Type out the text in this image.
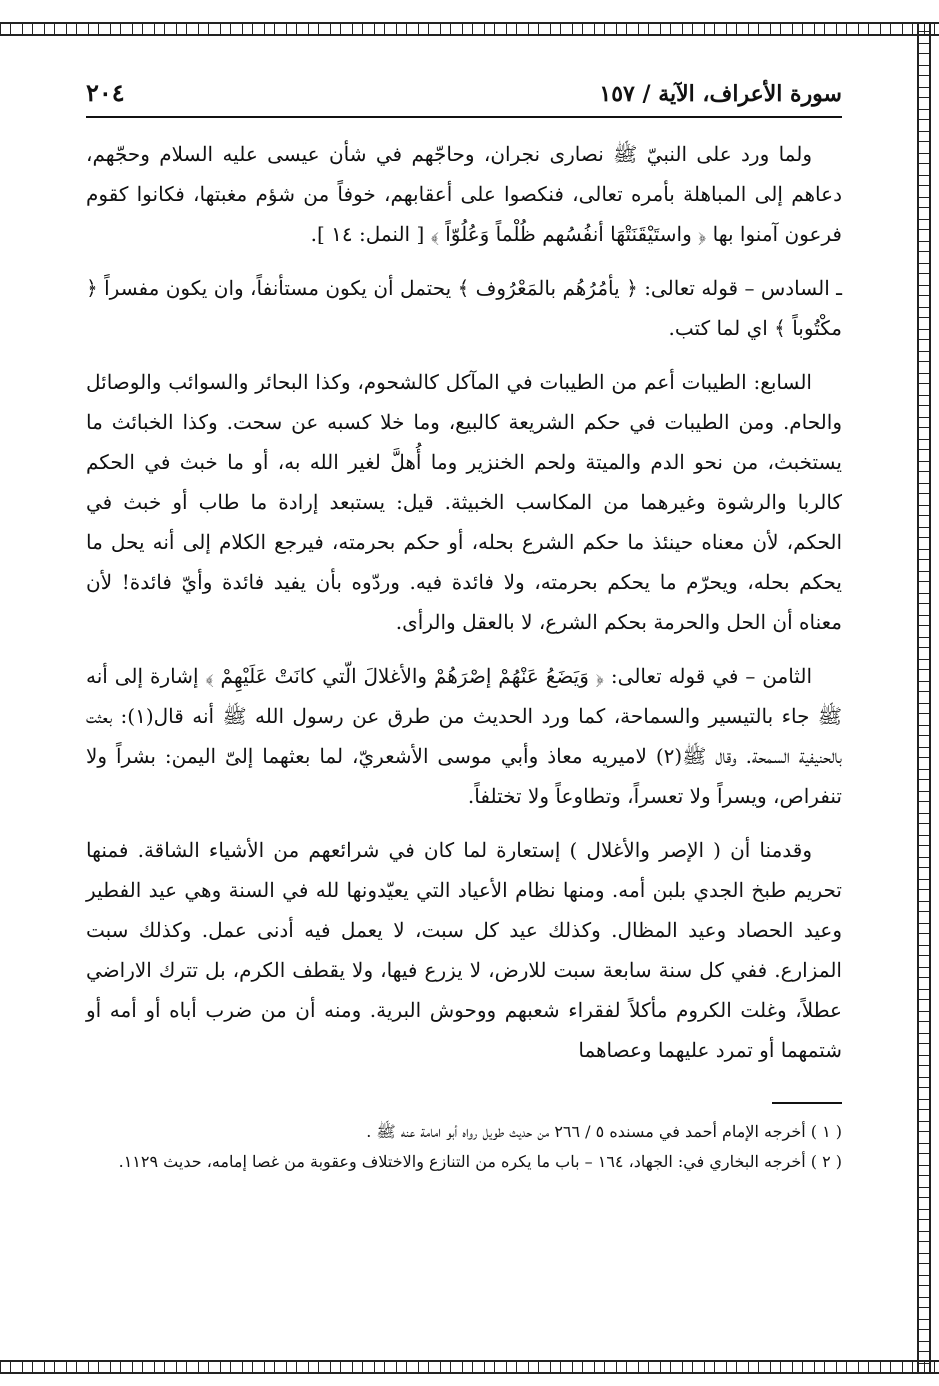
سورة الأعراف، الآية / ١٥٧
٢٠٤

ولما ورد على النبيّ ﷺ نصارى نجران، وحاجّهم في شأن عيسى عليه السلام وحجّهم، دعاهم إلى المباهلة بأمره تعالى، فنكصوا على أعقابهم، خوفاً من شؤم مغبتها، فكانوا كقوم فرعون آمنوا بها ﴿ واستَيْقَنَتْهَا أنفُسُهم ظُلْماً وَعُلُوّاً ﴾ [ النمل: ١٤ ].

ـ السادس – قوله تعالى: ﴿ يأمُرُهُم بالمَعْرُوف ﴾ يحتمل أن يكون مستأنفاً، وان يكون مفسراً ﴿ مكْتُوباً ﴾ اي لما كتب.

السابع: الطيبات أعم من الطيبات في المآكل كالشحوم، وكذا البحائر والسوائب والوصائل والحام. ومن الطيبات في حكم الشريعة كالبيع، وما خلا كسبه عن سحت. وكذا الخبائث ما يستخبث، من نحو الدم والميتة ولحم الخنزير وما أُهلَّ لغير الله به، أو ما خبث في الحكم كالربا والرشوة وغيرهما من المكاسب الخبيثة. قيل: يستبعد إرادة ما طاب أو خبث في الحكم، لأن معناه حينئذ ما حكم الشرع بحله، أو حكم بحرمته، فيرجع الكلام إلى أنه يحل ما يحكم بحله، ويحرّم ما يحكم بحرمته، ولا فائدة فيه. وردّوه بأن يفيد فائدة وأيّ فائدة! لأن معناه أن الحل والحرمة بحكم الشرع، لا بالعقل والرأى.

الثامن – في قوله تعالى: ﴿ وَيَضَعُ عَنْهُمْ إصْرَهُمْ والأغلالَ الّتي كانَتْ عَلَيْهِمْ ﴾ إشارة إلى أنه ﷺ جاء بالتيسير والسماحة، كما ورد الحديث من طرق عن رسول الله ﷺ أنه قال(١): بعثت بالحنيفية السمحة. وقال ﷺ(٢) لاميريه معاذ وأبي موسى الأشعريّ، لما بعثهما إلىّ اليمن: بشراً ولا تنفراص، ويسراً ولا تعسراً، وتطاوعاً ولا تختلفاً.

وقدمنا أن ( الإصر والأغلال ) إستعارة لما كان في شرائعهم من الأشياء الشاقة. فمنها تحريم طبخ الجدي بلبن أمه. ومنها نظام الأعياد التي يعيّدونها لله في السنة وهي عيد الفطير وعيد الحصاد وعيد المظال. وكذلك عيد كل سبت، لا يعمل فيه أدنى عمل. وكذلك سبت المزارع. ففي كل سنة سابعة سبت للارض، لا يزرع فيها، ولا يقطف الكرم، بل تترك الاراضي عطلاً، وغلت الكروم مأكلاً لفقراء شعبهم ووحوش البرية. ومنه أن من ضرب أباه أو أمه أو شتمهما أو تمرد عليهما وعصاهما

( ١ ) أخرجه الإمام أحمد في مسنده ٥ / ٢٦٦ من حديث طويل رواه أبو امامة عنه ﷺ .

( ٢ ) أخرجه البخاري في: الجهاد، ١٦٤ – باب ما يكره من التنازع والاختلاف وعقوبة من غصا إمامه، حديث ١١٢٩.
